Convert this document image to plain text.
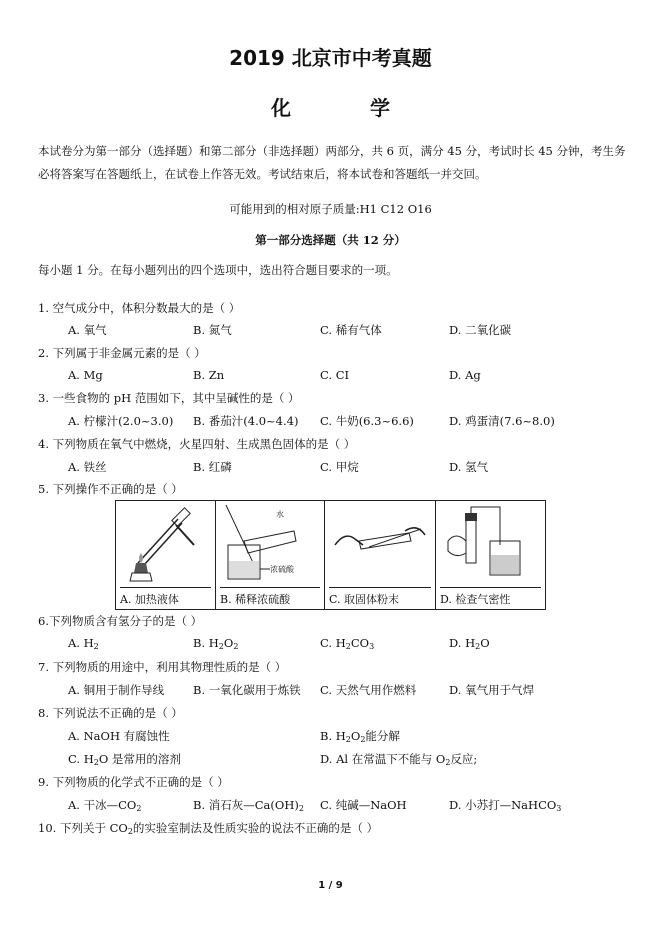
2019 北京市中考真题
化 学
本试卷分为第一部分（选择题）和第二部分（非选择题）两部分，共 6 页，满分 45 分，考试时长 45 分钟，考生务必将答案写在答题纸上，在试卷上作答无效。考试结束后，将本试卷和答题纸一并交回。
可能用到的相对原子质量:H1 C12 O16
第一部分选择题（共 12 分）
每小题 1 分。在每小题列出的四个选项中，选出符合题目要求的一项。
1. 空气成分中，体积分数最大的是（ ）
A. 氧气	B. 氮气	C. 稀有气体	D. 二氧化碳
2. 下列属于非金属元素的是（ ）
A. Mg	B. Zn	C. CI	D. Ag
3. 一些食物的 pH 范围如下，其中呈碱性的是（ ）
A. 柠檬汁(2.0~3.0) B. 番茄汁(4.0~4.4) C. 牛奶(6.3~6.6)	D. 鸡蛋清(7.6~8.0)
4. 下列物质在氧气中燃烧，火星四射、生成黑色固体的是（ ）
A. 铁丝	B. 红磷	C. 甲烷	D. 氢气
5. 下列操作不正确的是（ ）
A. 加热液体
水
浓硫酸
B. 稀释浓硫酸	C. 取固体粉末	D. 检查气密性
6.下列物质含有氢分子的是（ ）
A. $H_2$	B. $H_2O_2$	C. $H_2CO_3$	D. $H_2O$
7. 下列物质的用途中，利用其物理性质的是（ ）
A. 铜用于制作导线	B. 一氧化碳用于炼铁 C. 天然气用作燃料	D. 氧气用于气焊
8. 下列说法不正确的是（ ）
A. NaOH 有腐蚀性	B. $H_2O_2$能分解
C. $H_2O$ 是常用的溶剂	D. Al 在常温下不能与 $O_2$反应;
9. 下列物质的化学式不正确的是（ ）
A. 干冰$—CO_2$	B. 消石灰$—Ca(OH)_2$ C. 纯碱—NaOH	D. 小苏打—NaHCO$_3$
10. 下列关于 $CO_2$的实验室制法及性质实验的说法不正确的是（ ）
1 / 9
